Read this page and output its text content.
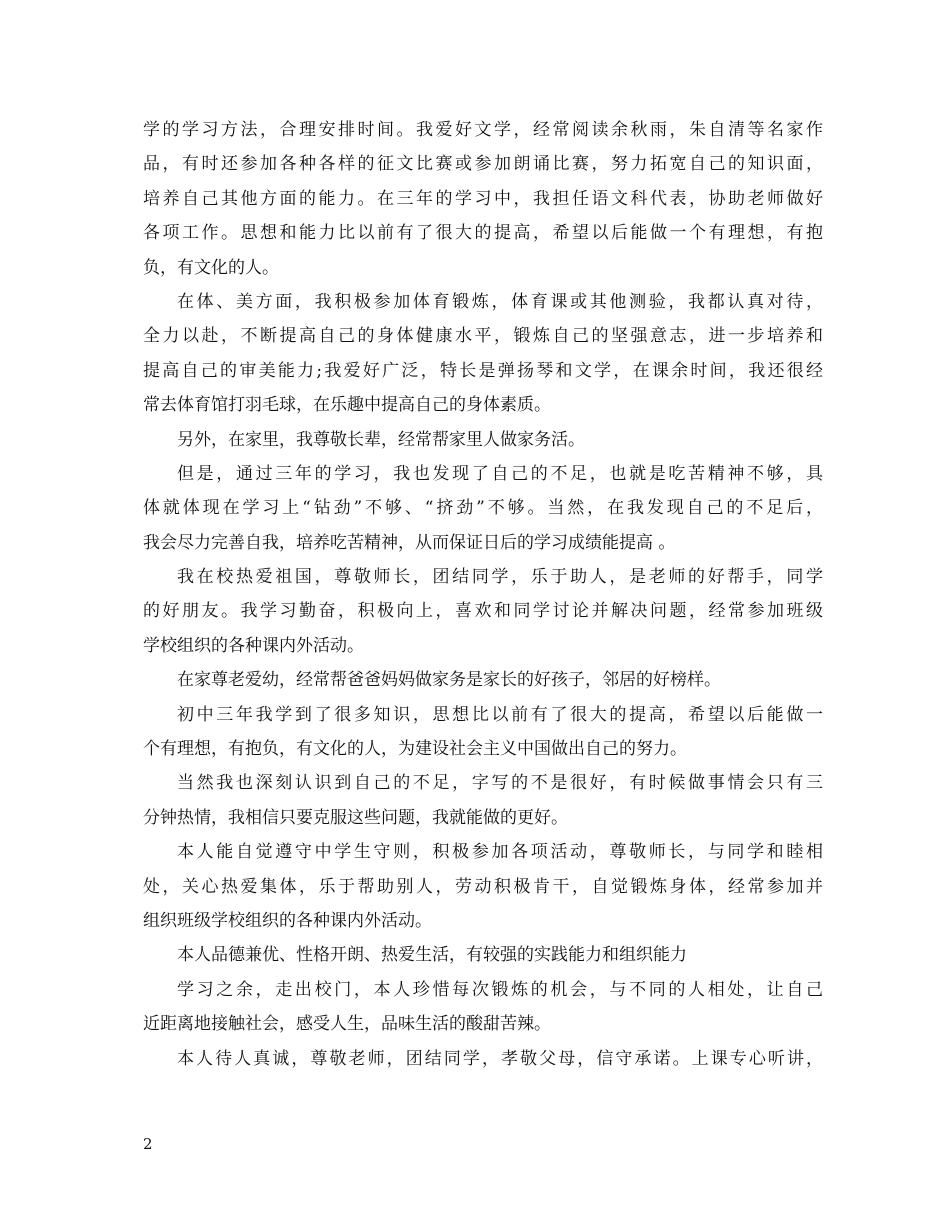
学的学习方法，合理安排时间。我爱好文学，经常阅读余秋雨，朱自清等名家作
品，有时还参加各种各样的征文比赛或参加朗诵比赛，努力拓宽自己的知识面，
培养自己其他方面的能力。在三年的学习中，我担任语文科代表，协助老师做好
各项工作。思想和能力比以前有了很大的提高，希望以后能做一个有理想，有抱
负，有文化的人。
在体、美方面，我积极参加体育锻炼，体育课或其他测验，我都认真对待，
全力以赴，不断提高自己的身体健康水平，锻炼自己的坚强意志，进一步培养和
提高自己的审美能力;我爱好广泛，特长是弹扬琴和文学，在课余时间，我还很经
常去体育馆打羽毛球，在乐趣中提高自己的身体素质。
另外，在家里，我尊敬长辈，经常帮家里人做家务活。
但是，通过三年的学习，我也发现了自己的不足，也就是吃苦精神不够，具
体就体现在学习上“钻劲”不够、“挤劲”不够。当然，在我发现自己的不足后，
我会尽力完善自我，培养吃苦精神，从而保证日后的学习成绩能提高 。
我在校热爱祖国，尊敬师长，团结同学，乐于助人，是老师的好帮手，同学
的好朋友。我学习勤奋，积极向上，喜欢和同学讨论并解决问题，经常参加班级
学校组织的各种课内外活动。
在家尊老爱幼，经常帮爸爸妈妈做家务是家长的好孩子，邻居的好榜样。
初中三年我学到了很多知识，思想比以前有了很大的提高，希望以后能做一
个有理想，有抱负，有文化的人，为建设社会主义中国做出自己的努力。
当然我也深刻认识到自己的不足，字写的不是很好，有时候做事情会只有三
分钟热情，我相信只要克服这些问题，我就能做的更好。
本人能自觉遵守中学生守则，积极参加各项活动，尊敬师长，与同学和睦相
处，关心热爱集体，乐于帮助别人，劳动积极肯干，自觉锻炼身体，经常参加并
组织班级学校组织的各种课内外活动。
本人品德兼优、性格开朗、热爱生活，有较强的实践能力和组织能力
学习之余，走出校门，本人珍惜每次锻炼的机会，与不同的人相处，让自己
近距离地接触社会，感受人生，品味生活的酸甜苦辣。
本人待人真诚，尊敬老师，团结同学，孝敬父母，信守承诺。上课专心听讲，
2
